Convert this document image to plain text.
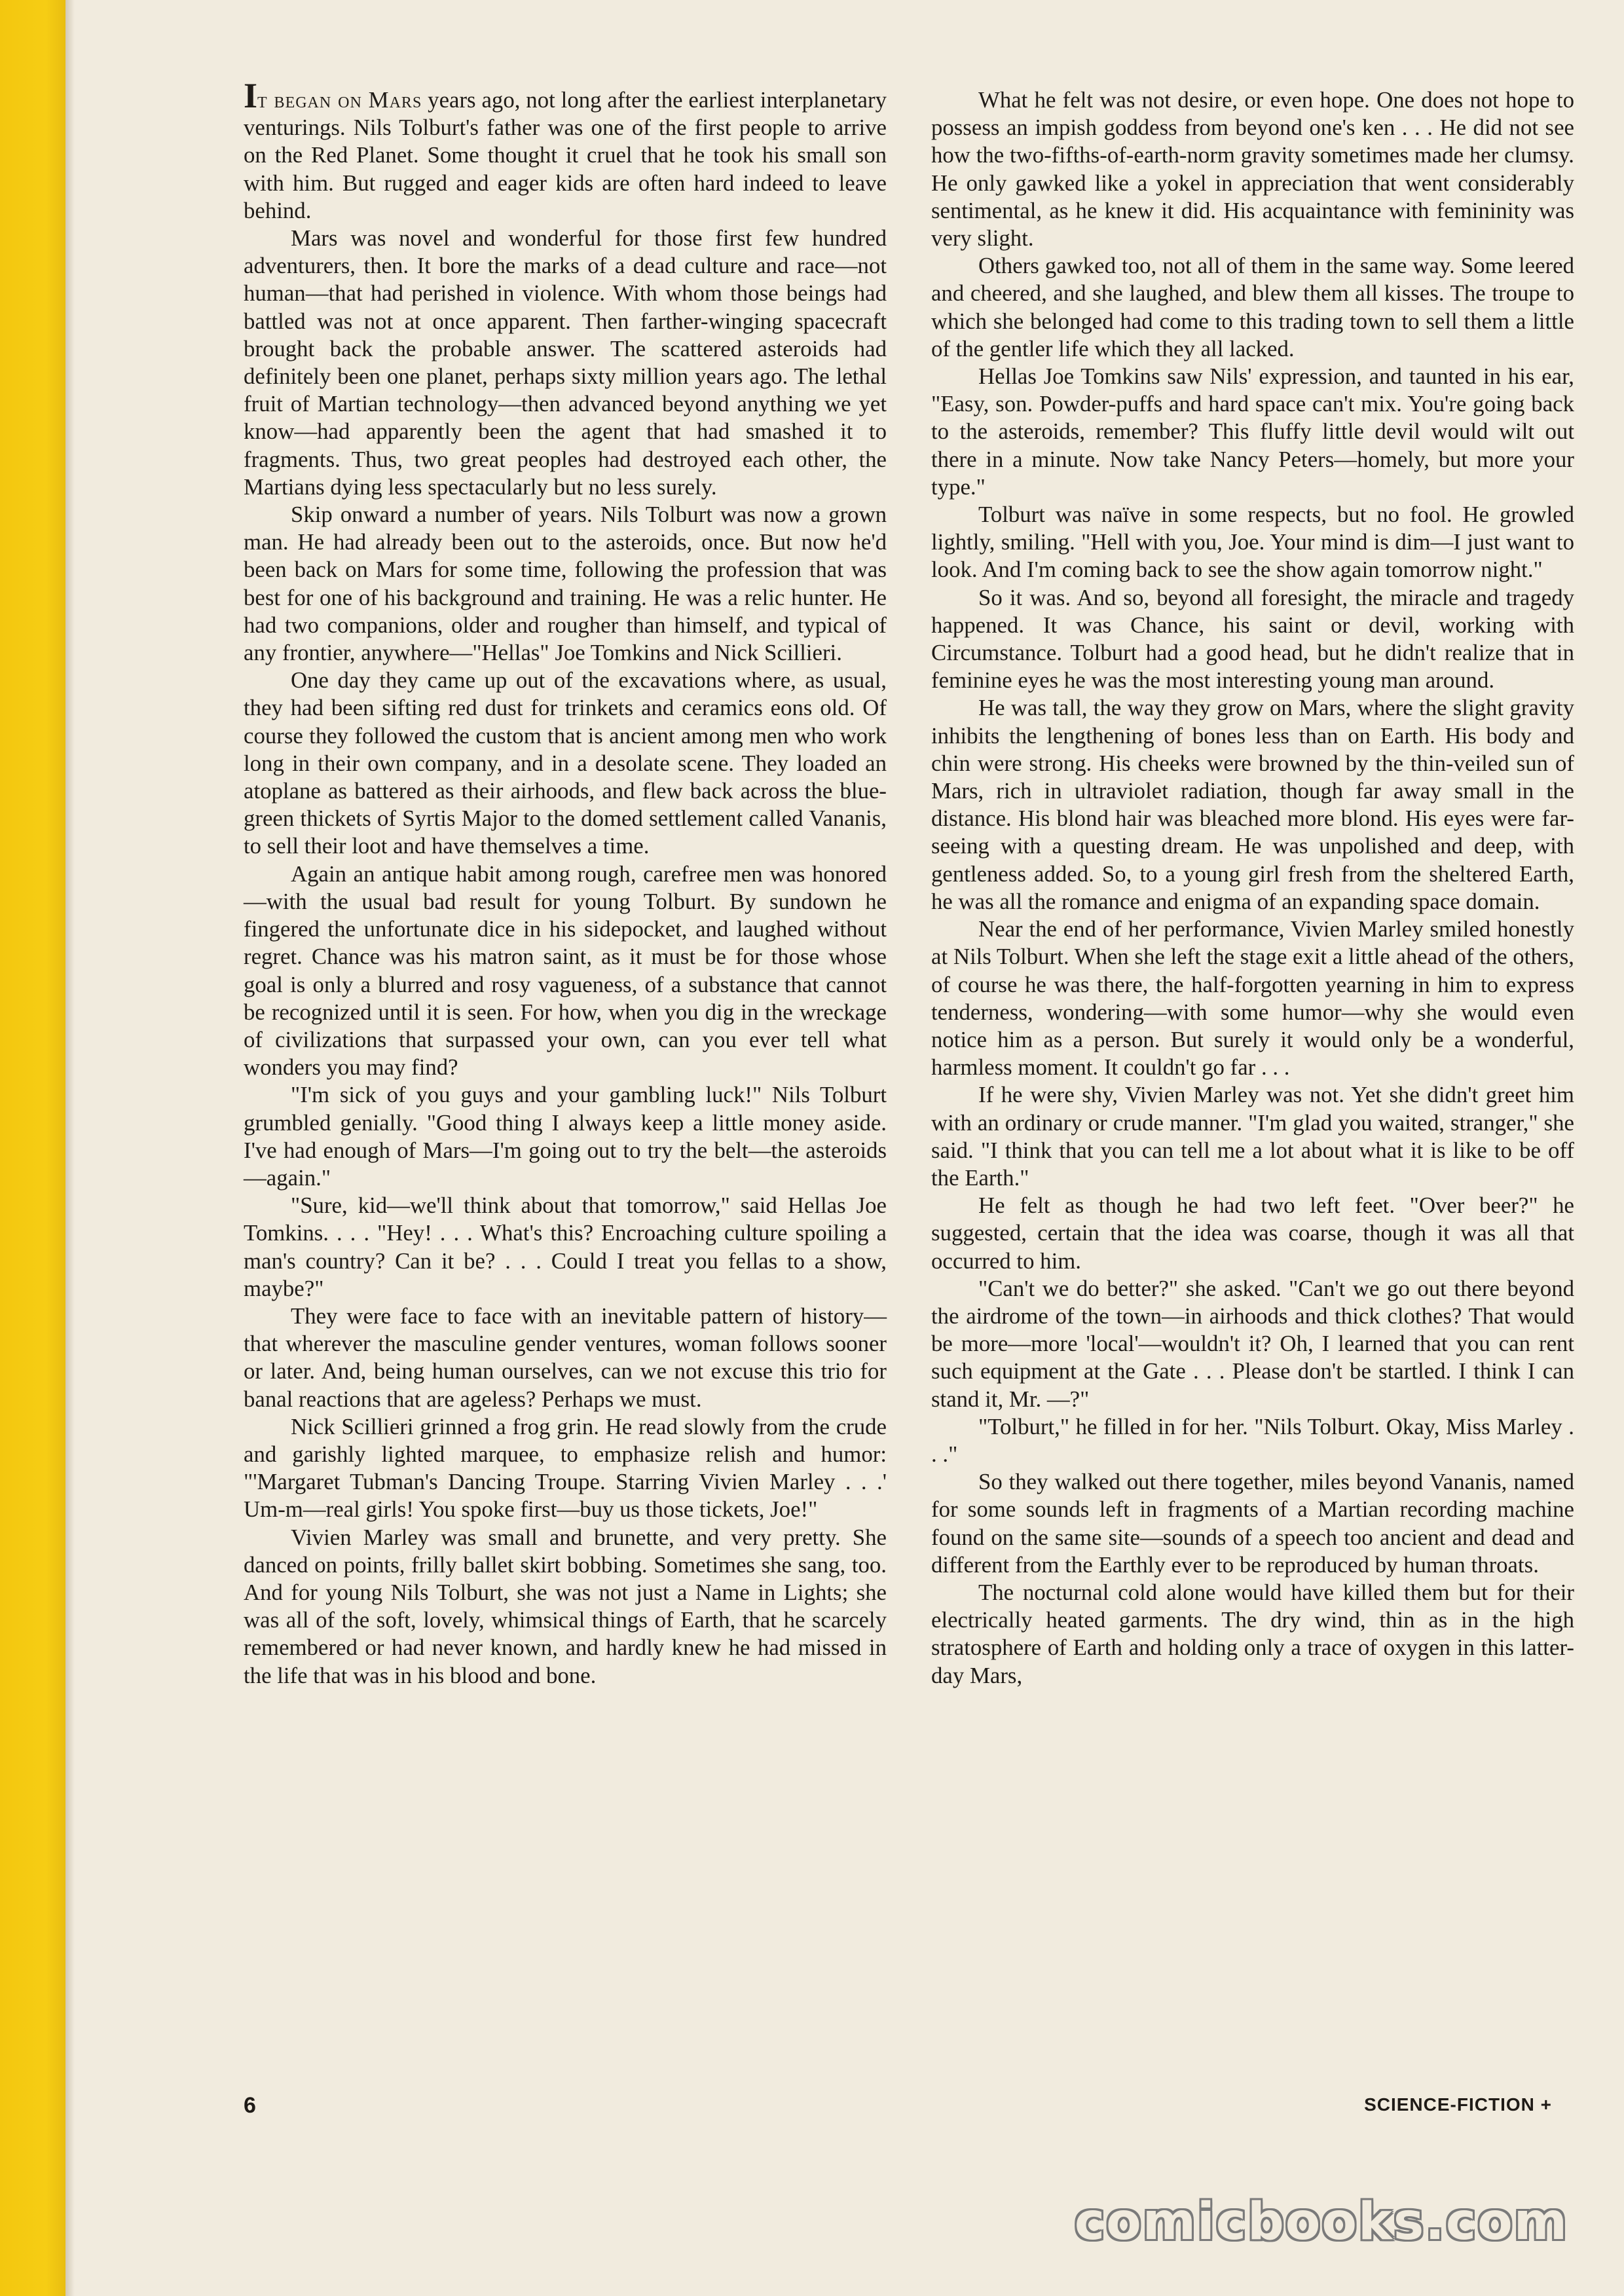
It began on Mars years ago, not long after the earliest interplanetary venturings. Nils Tolburt's father was one of the first people to arrive on the Red Planet. Some thought it cruel that he took his small son with him. But rugged and eager kids are often hard indeed to leave behind.

Mars was novel and wonderful for those first few hundred adventurers, then. It bore the marks of a dead culture and race—not human—that had perished in violence. With whom those beings had battled was not at once apparent. Then farther-winging spacecraft brought back the probable answer. The scattered asteroids had definitely been one planet, perhaps sixty million years ago. The lethal fruit of Martian technology—then advanced beyond anything we yet know—had apparently been the agent that had smashed it to fragments. Thus, two great peoples had destroyed each other, the Martians dying less spectacularly but no less surely.

Skip onward a number of years. Nils Tolburt was now a grown man. He had already been out to the asteroids, once. But now he'd been back on Mars for some time, following the profession that was best for one of his background and training. He was a relic hunter. He had two companions, older and rougher than himself, and typical of any frontier, anywhere—"Hellas" Joe Tomkins and Nick Scillieri.

One day they came up out of the excavations where, as usual, they had been sifting red dust for trinkets and ceramics eons old. Of course they followed the custom that is ancient among men who work long in their own company, and in a desolate scene. They loaded an atoplane as battered as their airhoods, and flew back across the blue-green thickets of Syrtis Major to the domed settlement called Vananis, to sell their loot and have themselves a time.

Again an antique habit among rough, carefree men was honored—with the usual bad result for young Tolburt. By sundown he fingered the unfortunate dice in his sidepocket, and laughed without regret. Chance was his matron saint, as it must be for those whose goal is only a blurred and rosy vagueness, of a substance that cannot be recognized until it is seen. For how, when you dig in the wreckage of civilizations that surpassed your own, can you ever tell what wonders you may find?

"I'm sick of you guys and your gambling luck!" Nils Tolburt grumbled genially. "Good thing I always keep a little money aside. I've had enough of Mars—I'm going out to try the belt—the asteroids—again."

"Sure, kid—we'll think about that tomorrow," said Hellas Joe Tomkins. . . . "Hey! . . . What's this? Encroaching culture spoiling a man's country? Can it be? . . . Could I treat you fellas to a show, maybe?"

They were face to face with an inevitable pattern of history—that wherever the masculine gender ventures, woman follows sooner or later. And, being human ourselves, can we not excuse this trio for banal reactions that are ageless? Perhaps we must.

Nick Scillieri grinned a frog grin. He read slowly from the crude and garishly lighted marquee, to emphasize relish and humor: "'Margaret Tubman's Dancing Troupe. Starring Vivien Marley . . .' Um-m—real girls! You spoke first—buy us those tickets, Joe!"

Vivien Marley was small and brunette, and very pretty. She danced on points, frilly ballet skirt bobbing. Sometimes she sang, too. And for young Nils Tolburt, she was not just a Name in Lights; she was all of the soft, lovely, whimsical things of Earth, that he scarcely remembered or had never known, and hardly knew he had missed in the life that was in his blood and bone.

What he felt was not desire, or even hope. One does not hope to possess an impish goddess from beyond one's ken . . . He did not see how the two-fifths-of-earth-norm gravity sometimes made her clumsy. He only gawked like a yokel in appreciation that went considerably sentimental, as he knew it did. His acquaintance with femininity was very slight.

Others gawked too, not all of them in the same way. Some leered and cheered, and she laughed, and blew them all kisses. The troupe to which she belonged had come to this trading town to sell them a little of the gentler life which they all lacked.

Hellas Joe Tomkins saw Nils' expression, and taunted in his ear, "Easy, son. Powder-puffs and hard space can't mix. You're going back to the asteroids, remember? This fluffy little devil would wilt out there in a minute. Now take Nancy Peters—homely, but more your type."

Tolburt was naïve in some respects, but no fool. He growled lightly, smiling. "Hell with you, Joe. Your mind is dim—I just want to look. And I'm coming back to see the show again tomorrow night."

So it was. And so, beyond all foresight, the miracle and tragedy happened. It was Chance, his saint or devil, working with Circumstance. Tolburt had a good head, but he didn't realize that in feminine eyes he was the most interesting young man around.

He was tall, the way they grow on Mars, where the slight gravity inhibits the lengthening of bones less than on Earth. His body and chin were strong. His cheeks were browned by the thin-veiled sun of Mars, rich in ultraviolet radiation, though far away small in the distance. His blond hair was bleached more blond. His eyes were far-seeing with a questing dream. He was unpolished and deep, with gentleness added. So, to a young girl fresh from the sheltered Earth, he was all the romance and enigma of an expanding space domain.

Near the end of her performance, Vivien Marley smiled honestly at Nils Tolburt. When she left the stage exit a little ahead of the others, of course he was there, the half-forgotten yearning in him to express tenderness, wondering—with some humor—why she would even notice him as a person. But surely it would only be a wonderful, harmless moment. It couldn't go far . . .

If he were shy, Vivien Marley was not. Yet she didn't greet him with an ordinary or crude manner. "I'm glad you waited, stranger," she said. "I think that you can tell me a lot about what it is like to be off the Earth."

He felt as though he had two left feet. "Over beer?" he suggested, certain that the idea was coarse, though it was all that occurred to him.

"Can't we do better?" she asked. "Can't we go out there beyond the airdrome of the town—in airhoods and thick clothes? That would be more—more 'local'—wouldn't it? Oh, I learned that you can rent such equipment at the Gate . . . Please don't be startled. I think I can stand it, Mr. —?"

"Tolburt," he filled in for her. "Nils Tolburt. Okay, Miss Marley . . ."

So they walked out there together, miles beyond Vananis, named for some sounds left in fragments of a Martian recording machine found on the same site—sounds of a speech too ancient and dead and different from the Earthly ever to be reproduced by human throats.

The nocturnal cold alone would have killed them but for their electrically heated garments. The dry wind, thin as in the high stratosphere of Earth and holding only a trace of oxygen in this latter-day Mars,

6	SCIENCE-FICTION +
comicbooks.com
